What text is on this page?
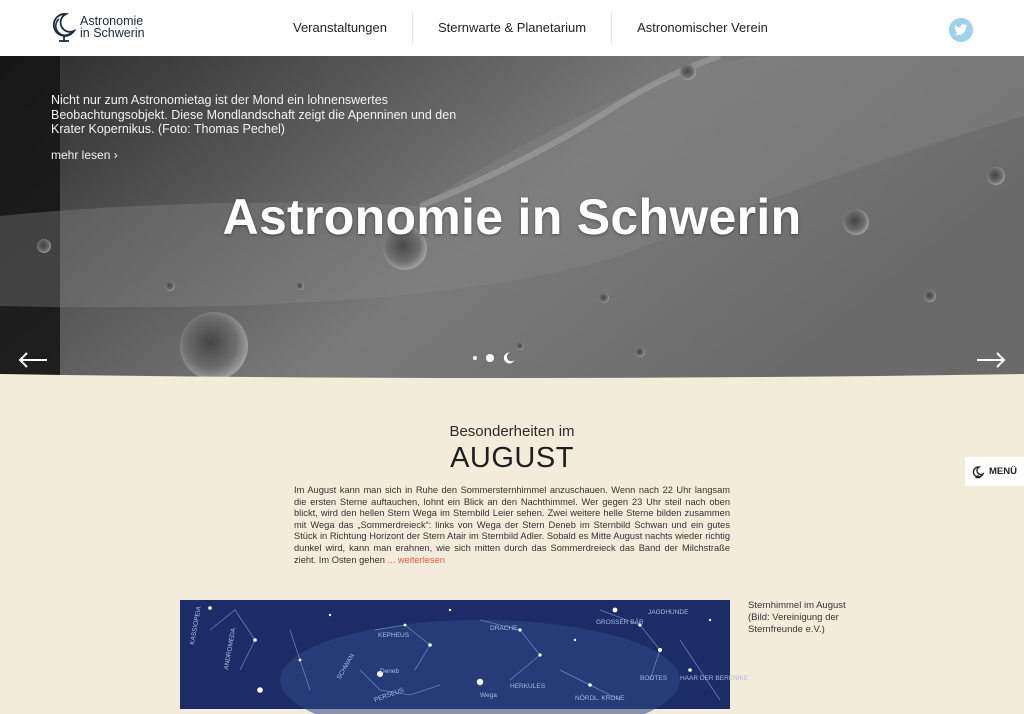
Astronomie
in Schwerin	Veranstaltungen	Sternwarte & Planetarium	Astronomischer Verein
Nicht nur zum Astronomietag ist der Mond ein lohnenswertes Beobachtungsobjekt. Diese Mondlandschaft zeigt die Apenninen und den Krater Kopernikus. (Foto: Thomas Pechel)
mehr lesen ›
Astronomie in Schwerin
Besonderheiten im
AUGUST
Im August kann man sich in Ruhe den Sommersternhimmel anzuschauen. Wenn nach 22 Uhr langsam die ersten Sterne auftauchen, lohnt ein Blick an den Nachthimmel. Wer gegen 23 Uhr steil nach oben blickt, wird den hellen Stern Wega im Sternbild Leier sehen. Zwei weitere helle Sterne bilden zusammen mit Wega das „Sommerdreieck“: links von Wega der Stern Deneb im Sternbild Schwan und ein gutes Stück in Richtung Horizont der Stern Atair im Sternbild Adler. Sobald es Mitte August nachts wieder richtig dunkel wird, kann man erahnen, wie sich mitten durch das Sommerdreieck das Band der Milchstraße zieht. Im Osten gehen ... weiterlesen
MENÜ
KEPHEUS
DRACHE
GROSSER BÄR
JAGDHUNDE
Deneb
Wega
HERKULES
BOOTES HAAR DER BERENIKE
NÖRDL. KRONE
ANDROMEDA
KASSIOPEIA
SCHWAN
PERSEUS
Sternhimmel im August (Bild: Vereinigung der Sternfreunde e.V.)
